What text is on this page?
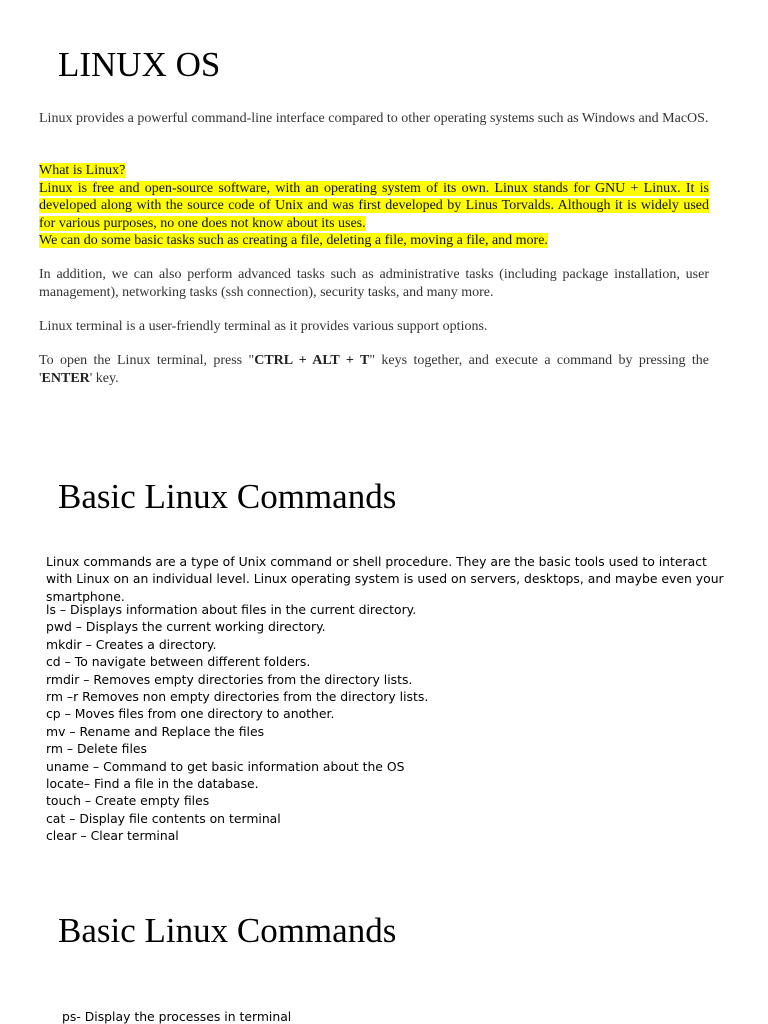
LINUX OS

Linux provides a powerful command-line interface compared to other operating systems such as Windows and MacOS.

What is Linux?
Linux is free and open-source software, with an operating system of its own. Linux stands for GNU + Linux. It is developed along with the source code of Unix and was first developed by Linus Torvalds. Although it is widely used for various purposes, no one does not know about its uses.
We can do some basic tasks such as creating a file, deleting a file, moving a file, and more.

In addition, we can also perform advanced tasks such as administrative tasks (including package installation, user management), networking tasks (ssh connection), security tasks, and many more.

Linux terminal is a user-friendly terminal as it provides various support options.

To open the Linux terminal, press "CTRL + ALT + T" keys together, and execute a command by pressing the 'ENTER' key.

Basic Linux Commands

Linux commands are a type of Unix command or shell procedure. They are the basic tools used to interact with Linux on an individual level. Linux operating system is used on servers, desktops, and maybe even your smartphone.

ls – Displays information about files in the current directory.
pwd – Displays the current working directory.
mkdir – Creates a directory.
cd – To navigate between different folders.
rmdir – Removes empty directories from the directory lists.
rm –r Removes non empty directories from the directory lists.
cp – Moves files from one directory to another.
mv – Rename and Replace the files
rm – Delete files
uname – Command to get basic information about the OS
locate– Find a file in the database.
touch – Create empty files
cat – Display file contents on terminal
clear – Clear terminal
Basic Linux Commands
ps- Display the processes in terminal
